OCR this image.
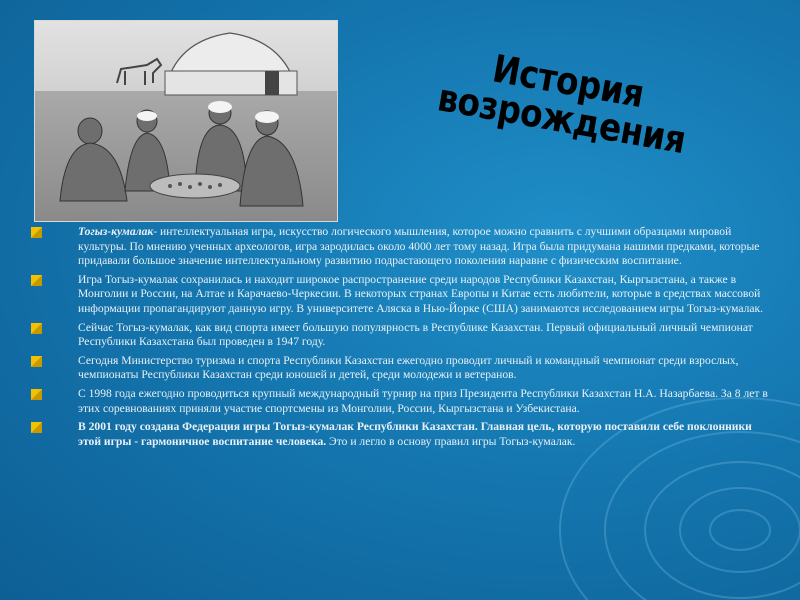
История возрождения
Тогыз-кумалак- интеллектуальная игра, искусство логического мышления, которое можно сравнить с лучшими образцами мировой культуры. По мнению ученных археологов, игра зародилась около 4000 лет тому назад. Игра была придумана нашими предками, которые придавали большое значение интеллектуальному развитию подрастающего поколения наравне с физическим воспитание.
Игра Тогыз-кумалак сохранилась и находит широкое распространение среди народов Республики Казахстан, Кыргызстана, а также в Монголии и России, на Алтае и Карачаево-Черкесии. В некоторых странах Европы и Китае есть любители, которые в средствах массовой информации пропагандируют данную игру. В университете Аляска в Нью-Йорке (США) занимаются исследованием игры Тогыз-кумалак.
Сейчас Тогыз-кумалак, как вид спорта имеет большую популярность в Республике Казахстан. Первый официальный личный чемпионат Республики Казахстана был проведен в 1947 году.
Сегодня Министерство туризма и спорта Республики Казахстан ежегодно проводит личный и командный чемпионат среди взрослых, чемпионаты Республики Казахстан среди юношей и детей, среди молодежи и ветеранов.
С 1998 года ежегодно проводиться крупный международный турнир на приз Президента Республики Казахстан Н.А. Назарбаева. За 8 лет в этих соревнованиях приняли участие спортсмены из Монголии, России, Кыргызстана и Узбекистана.
В 2001 году создана Федерация игры Тогыз-кумалак Республики Казахстан. Главная цель, которую поставили себе поклонники этой игры - гармоничное воспитание человека. Это и легло в основу правил игры Тогыз-кумалак.
